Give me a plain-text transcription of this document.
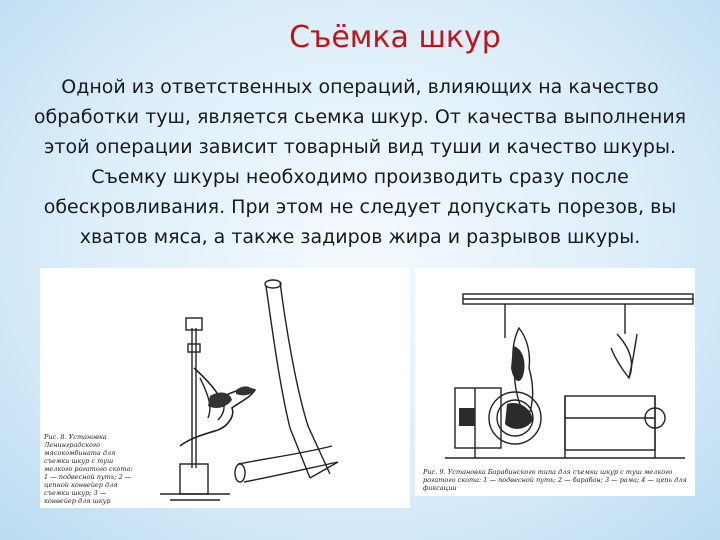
Съёмка шкур

Одной из ответственных операций, влияющих на качество обработки туш, является сьемка шкур. От качества выполнения этой операции зависит товарный вид туши и качество шкуры. Съемку шкуры необходимо производить сразу после обескровливания. При этом не следует допускать порезов, вы хватов мяса, а также задиров жира и разрывов шкуры.

Рис. 8. Установка Ленинградского мясокомбината для съемки шкур с туш мелкого рогатого скота: 1 — подвесной путь; 2 — цепной конвейер для съемки шкур; 3 — конвейер для шкур
Рис. 9. Установка Барабинского типа для съемки шкур с туш мелкого рогатого скота: 1 — подвесной путь; 2 — барабан; 3 — рама; 4 — цепь для фиксации
